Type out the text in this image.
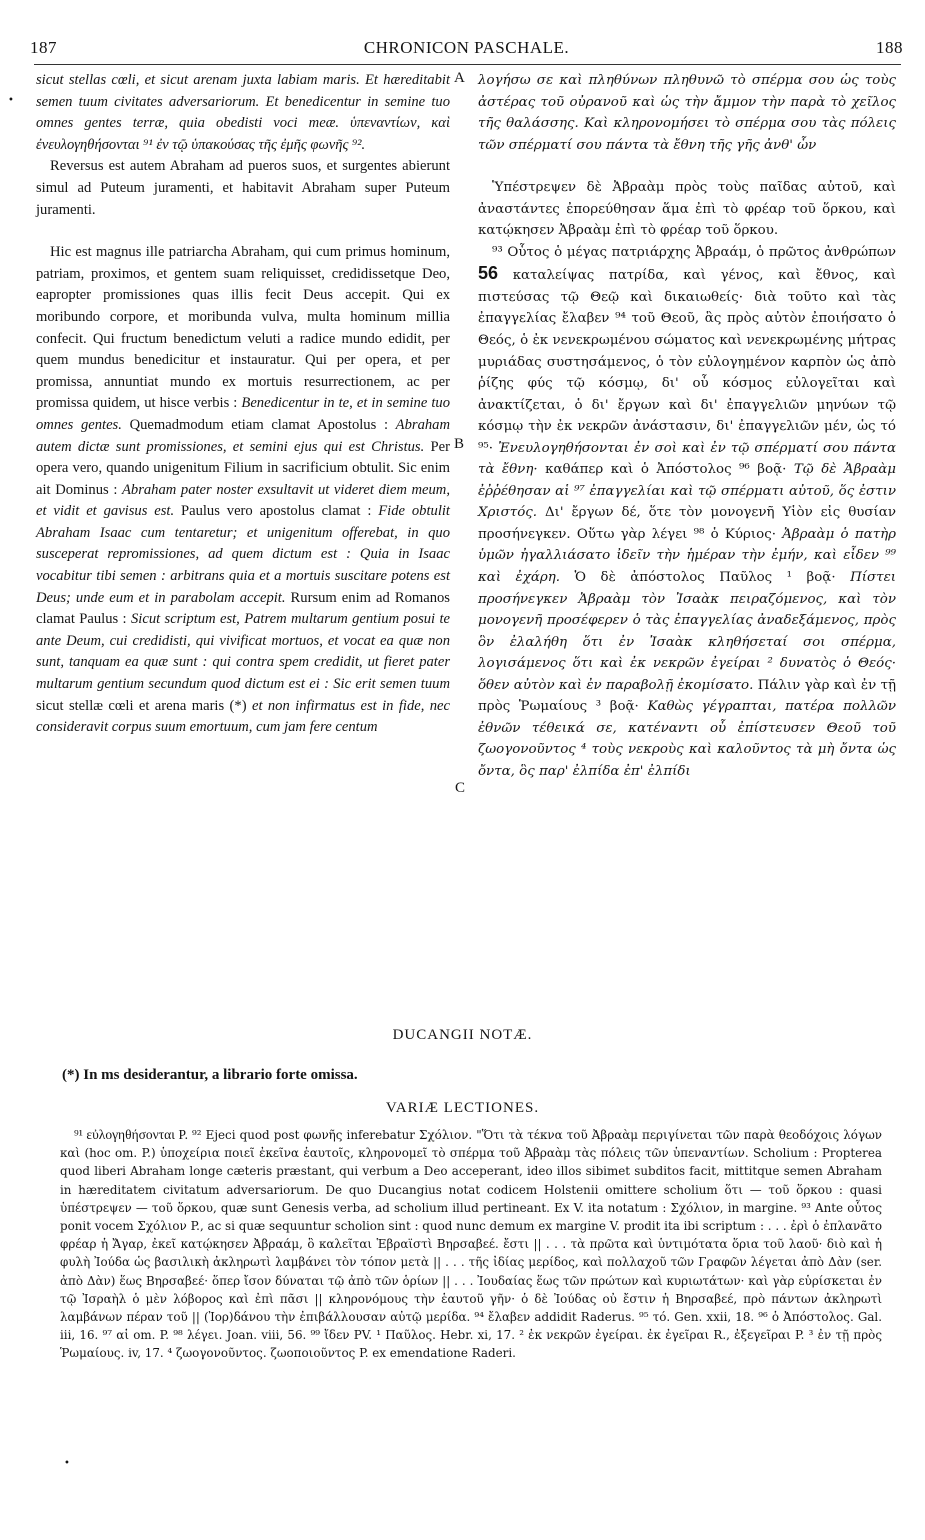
187	CHRONICON PASCHALE.	188
•

sicut stellas cœli, et sicut arenam juxta labiam maris. Et hæreditabit semen tuum civitates adversariorum. Et benedicentur in semine tuo omnes gentes terræ, quia obedisti voci meæ. ὑπεναντίων, καὶ ἐνευλογηθήσονται ⁹¹ ἐν τῷ ὑπακούσας τῆς ἐμῆς φωνῆς ⁹².

Reversus est autem Abraham ad pueros suos, et surgentes abierunt simul ad Puteum juramenti, et habitavit Abraham super Puteum juramenti.

Hic est magnus ille patriarcha Abraham, qui cum primus hominum, patriam, proximos, et gentem suam reliquisset, credidissetque Deo, eapropter promissiones quas illis fecit Deus accepit. Qui ex moribundo corpore, et moribunda vulva, multa hominum millia confecit. Qui fructum benedictum veluti a radice mundo edidit, per quem mundus benedicitur et instauratur. Qui per opera, et per promissa, annuntiat mundo ex mortuis resurrectionem, ac per promissa quidem, ut hisce verbis : Benedicentur in te, et in semine tuo omnes gentes. Quemadmodum etiam clamat Apostolus : Abraham autem dictæ sunt promissiones, et semini ejus qui est Christus. Per opera vero, quando unigenitum Filium in sacrificium obtulit. Sic enim ait Dominus : Abraham pater noster exsultavit ut videret diem meum, et vidit et gavisus est. Paulus vero apostolus clamat : Fide obtulit Abraham Isaac cum tentaretur; et unigenitum offerebat, in quo susceperat repromissiones, ad quem dictum est : Quia in Isaac vocabitur tibi semen : arbitrans quia et a mortuis suscitare potens est Deus; unde eum et in parabolam accepit. Rursum enim ad Romanos clamat Paulus : Sicut scriptum est, Patrem multarum gentium posui te ante Deum, cui credidisti, qui vivificat mortuos, et vocat ea quæ non sunt, tanquam ea quæ sunt : qui contra spem credidit, ut fieret pater multarum gentium secundum quod dictum est ei : Sic erit semen tuum sicut stellæ cœli et arena maris (*) et non infirmatus est in fide, nec consideravit corpus suum emortuum, cum jam fere centum

A
B
C

λογήσω σε καὶ πληθύνων πληθυνῶ τὸ σπέρμα σου ὡς τοὺς ἀστέρας τοῦ οὐρανοῦ καὶ ὡς τὴν ἄμμον τὴν παρὰ τὸ χεῖλος τῆς θαλάσσης. Καὶ κληρονομήσει τὸ σπέρμα σου τὰς πόλεις τῶν σπέρματί σου πάντα τὰ ἔθνη τῆς γῆς ἀνθ' ὧν

Ὑπέστρεψεν δὲ Ἀβραὰμ πρὸς τοὺς παῖδας αὐτοῦ, καὶ ἀναστάντες ἐπορεύθησαν ἅμα ἐπὶ τὸ φρέαρ τοῦ ὅρκου, καὶ κατῴκησεν Ἀβραὰμ ἐπὶ τὸ φρέαρ τοῦ ὅρκου.

⁹³ Οὗτος ὁ μέγας πατριάρχης Ἀβραάμ, ὁ πρῶτος ἀνθρώπων 56 καταλείψας πατρίδα, καὶ γένος, καὶ ἔθνος, καὶ πιστεύσας τῷ Θεῷ καὶ δικαιωθείς· διὰ τοῦτο καὶ τὰς ἐπαγγελίας ἔλαβεν ⁹⁴ τοῦ Θεοῦ, ἃς πρὸς αὐτὸν ἐποιήσατο ὁ Θεός, ὁ ἐκ νενεκρωμένου σώματος καὶ νενεκρωμένης μήτρας μυριάδας συστησάμενος, ὁ τὸν εὐλογημένον καρπὸν ὡς ἀπὸ ῥίζης φύς τῷ κόσμῳ, δι' οὗ κόσμος εὐλογεῖται καὶ ἀνακτίζεται, ὁ δι' ἔργων καὶ δι' ἐπαγγελιῶν μηνύων τῷ κόσμῳ τὴν ἐκ νεκρῶν ἀνάστασιν, δι' ἐπαγγελιῶν μέν, ὡς τό ⁹⁵· Ἐνευλογηθήσονται ἐν σοὶ καὶ ἐν τῷ σπέρματί σου πάντα τὰ ἔθνη· καθάπερ καὶ ὁ Ἀπόστολος ⁹⁶ βοᾷ· Τῷ δὲ Ἀβραὰμ ἐῤῥέθησαν αἱ ⁹⁷ ἐπαγγελίαι καὶ τῷ σπέρματι αὐτοῦ, ὅς ἐστιν Χριστός. Δι' ἔργων δέ, ὅτε τὸν μονογενῆ Υἱὸν εἰς θυσίαν προσήνεγκεν. Οὕτω γὰρ λέγει ⁹⁸ ὁ Κύριος· Ἀβραὰμ ὁ πατὴρ ὑμῶν ἠγαλλιάσατο ἰδεῖν τὴν ἡμέραν τὴν ἐμήν, καὶ εἶδεν ⁹⁹ καὶ ἐχάρη. Ὁ δὲ ἀπόστολος Παῦλος ¹ βοᾷ· Πίστει προσήνεγκεν Ἀβραὰμ τὸν Ἰσαὰκ πειραζόμενος, καὶ τὸν μονογενῆ προσέφερεν ὁ τὰς ἐπαγγελίας ἀναδεξάμενος, πρὸς ὃν ἐλαλήθη ὅτι ἐν Ἰσαὰκ κληθήσεταί σοι σπέρμα, λογισάμενος ὅτι καὶ ἐκ νεκρῶν ἐγείραι ² δυνατὸς ὁ Θεός· ὅθεν αὐτὸν καὶ ἐν παραβολῇ ἐκομίσατο. Πάλιν γὰρ καὶ ἐν τῇ πρὸς Ῥωμαίους ³ βοᾷ· Καθὼς γέγραπται, πατέρα πολλῶν ἐθνῶν τέθεικά σε, κατέναντι οὗ ἐπίστευσεν Θεοῦ τοῦ ζωογονοῦντος ⁴ τοὺς νεκροὺς καὶ καλοῦντος τὰ μὴ ὄντα ὡς ὄντα, ὃς παρ' ἐλπίδα ἐπ' ἐλπίδι

DUCANGII NOTÆ.
(*) In ms desiderantur, a librario forte omissa.
VARIÆ LECTIONES.

⁹¹ εὐλογηθήσονται P. ⁹² Ejeci quod post φωνῆς inferebatur Σχόλιον. "Ὅτι τὰ τέκνα τοῦ Ἀβραὰμ περιγίνεται τῶν παρὰ θεοδόχοις λόγων καὶ (hoc om. P.) ὑποχείρια ποιεῖ ἐκεῖνα ἑαυτοῖς, κληρονομεῖ τὸ σπέρμα τοῦ Ἀβραὰμ τὰς πόλεις τῶν ὑπεναντίων. Scholium : Propterea quod liberi Abraham longe cæteris præstant, qui verbum a Deo acceperant, ideo illos sibimet subditos facit, mittitque semen Abraham in hæreditatem civitatum adversariorum. De quo Ducangius notat codicem Holstenii omittere scholium ὅτι — τοῦ ὅρκου : quasi ὑπέστρεψεν — τοῦ ὅρκου, quæ sunt Genesis verba, ad scholium illud pertineant. Ex V. ita notatum : Σχόλιον, in margine. ⁹³ Ante οὗτος ponit vocem Σχόλιον P., ac si quæ sequuntur scholion sint : quod nunc demum ex margine V. prodit ita ibi scriptum : . . . ἐρὶ ὁ ἐπλανᾶτο φρέαρ ἡ Ἄγαρ, ἐκεῖ κατῴκησεν Ἀβραάμ, ὃ καλεῖται Ἑβραϊστὶ Βηρσαβεέ. ἔστι || . . . τὰ πρῶτα καὶ ὑντιμότατα ὅρια τοῦ λαοῦ· διὸ καὶ ἡ φυλὴ Ἰούδα ὡς βασιλικὴ ἀκληρωτὶ λαμβάνει τὸν τόπον μετὰ || . . . τῆς ἰδίας μερίδος, καὶ πολλαχοῦ τῶν Γραφῶν λέγεται ἀπὸ Δὰν (ser. ἀπὸ Δὰν) ἕως Βηρσαβεέ· ὅπερ ἴσον δύναται τῷ ἀπὸ τῶν ὁρίων || . . . Ἰουδαίας ἕως τῶν πρώτων καὶ κυριωτάτων· καὶ γὰρ εὑρίσκεται ἐν τῷ Ἰσραὴλ ὁ μὲν λόβορος καὶ ἐπὶ πᾶσι || κληρονόμους τὴν ἑαυτοῦ γῆν· ὁ δὲ Ἰούδας οὐ ἔστιν ἡ Βηρσαβεέ, πρὸ πάντων ἀκληρωτὶ λαμβάνων πέραν τοῦ || (Ἰορ)δάνου τὴν ἐπιβάλλουσαν αὐτῷ μερίδα. ⁹⁴ ἔλαβεν addidit Raderus. ⁹⁵ τό. Gen. xxii, 18. ⁹⁶ ὁ Ἀπόστολος. Gal. iii, 16. ⁹⁷ αἱ om. P. ⁹⁸ λέγει. Joan. viii, 56. ⁹⁹ ἴδεν PV. ¹ Παῦλος. Hebr. xi, 17. ² ἐκ νεκρῶν ἐγείραι. ἐκ ἐγεῖραι R., ἐξεγεῖραι P. ³ ἐν τῇ πρὸς Ῥωμαίους. iv, 17. ⁴ ζωογονοῦντος. ζωοποιοῦντος P. ex emendatione Raderi.

•
